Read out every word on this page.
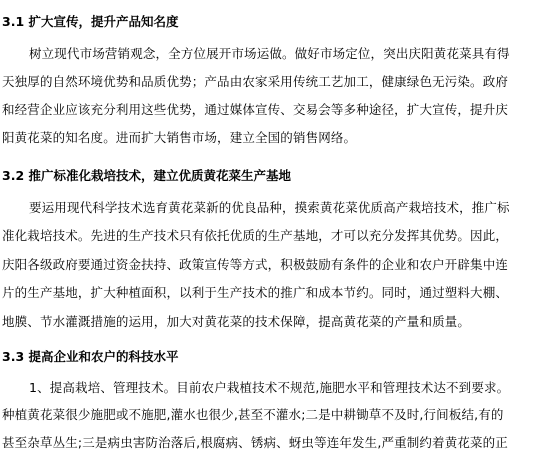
3.1 扩大宣传，提升产品知名度
树立现代市场营销观念，全方位展开市场运做。做好市场定位，突出庆阳黄花菜具有得
天独厚的自然环境优势和品质优势；产品由农家采用传统工艺加工，健康绿色无污染。政府
和经营企业应该充分利用这些优势，通过媒体宣传、交易会等多种途径，扩大宣传，提升庆
阳黄花菜的知名度。进而扩大销售市场，建立全国的销售网络。
3.2 推广标准化栽培技术，建立优质黄花菜生产基地
要运用现代科学技术选育黄花菜新的优良品种，摸索黄花菜优质高产栽培技术，推广标
准化栽培技术。先进的生产技术只有依托优质的生产基地，才可以充分发挥其优势。因此，
庆阳各级政府要通过资金扶持、政策宣传等方式，积极鼓励有条件的企业和农户开辟集中连
片的生产基地，扩大种植面积，以利于生产技术的推广和成本节约。同时，通过塑料大棚、
地膜、节水灌溉措施的运用，加大对黄花菜的技术保障，提高黄花菜的产量和质量。
3.3 提高企业和农户的科技水平
1、提高栽培、管理技术。目前农户栽植技术不规范,施肥水平和管理技术达不到要求。
种植黄花菜很少施肥或不施肥,灌水也很少,甚至不灌水;二是中耕锄草不及时,行间板结,有的
甚至杂草丛生;三是病虫害防治落后,根腐病、锈病、蚜虫等连年发生,严重制约着黄花菜的正
